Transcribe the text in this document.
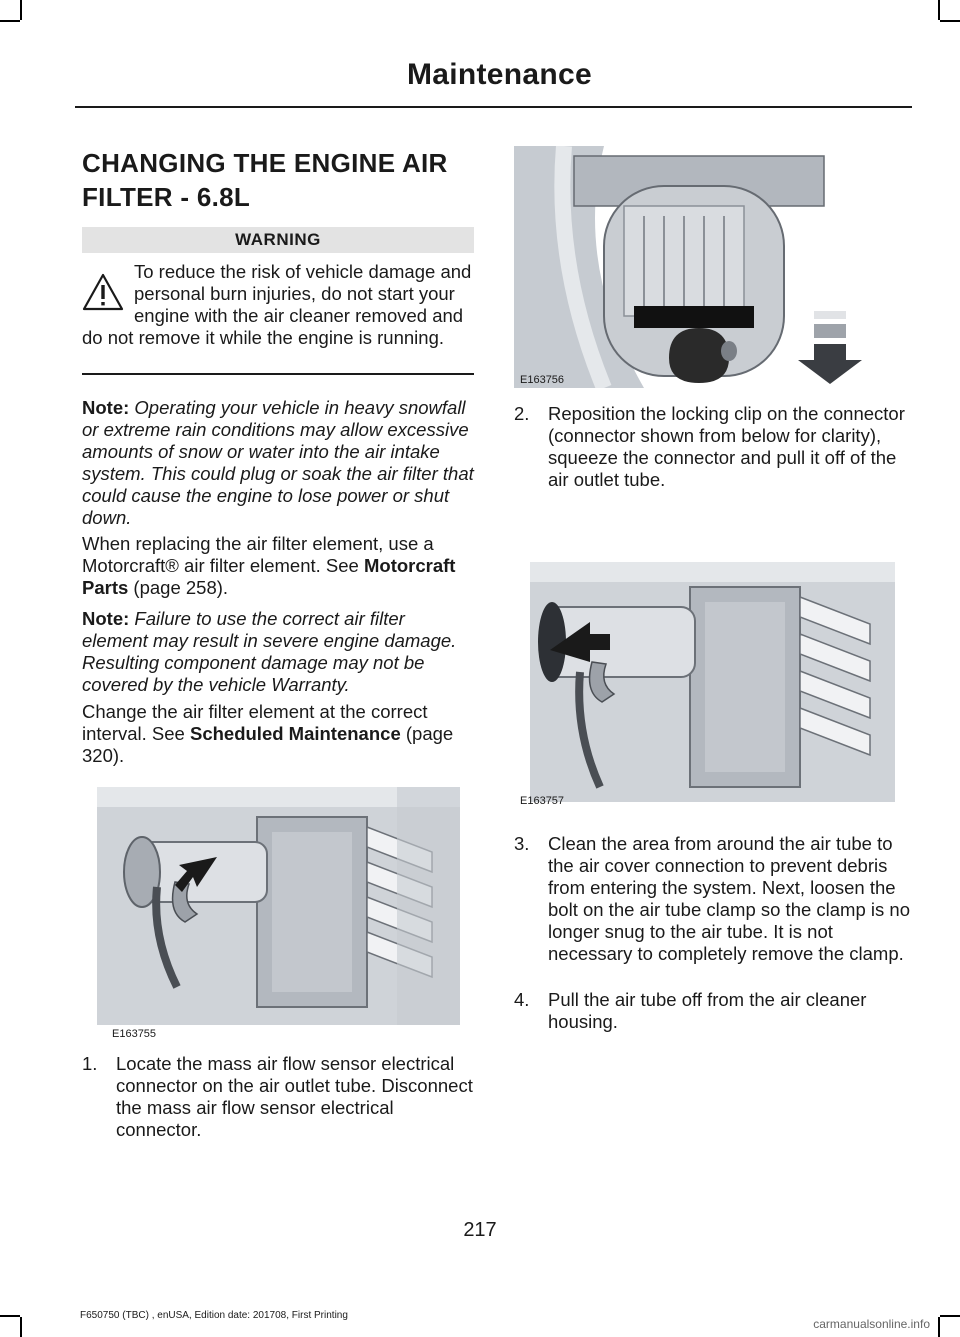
Maintenance
CHANGING THE ENGINE AIR
FILTER - 6.8L
WARNING
To reduce the risk of vehicle damage and personal burn injuries, do not start your engine with the air cleaner removed and do not remove it while the engine is running.

Note: Operating your vehicle in heavy snowfall or extreme rain conditions may allow excessive amounts of snow or water into the air intake system. This could plug or soak the air filter that could cause the engine to lose power or shut down.

When replacing the air filter element, use a Motorcraft® air filter element. See Motorcraft Parts (page 258).

Note: Failure to use the correct air filter element may result in severe engine damage. Resulting component damage may not be covered by the vehicle Warranty.

Change the air filter element at the correct interval. See Scheduled Maintenance (page 320).

E163755
1. Locate the mass air flow sensor electrical connector on the air outlet tube. Disconnect the mass air flow sensor electrical connector.
E163756
2. Reposition the locking clip on the connector (connector shown from below for clarity), squeeze the connector and pull it off of the air outlet tube.
E163757
3. Clean the area from around the air tube to the air cover connection to prevent debris from entering the system. Next, loosen the bolt on the air tube clamp so the clamp is no longer snug to the air tube. It is not necessary to completely remove the clamp.
4. Pull the air tube off from the air cleaner housing.
217
F650750 (TBC) , enUSA, Edition date: 201708, First Printing
carmanualsonline.info
